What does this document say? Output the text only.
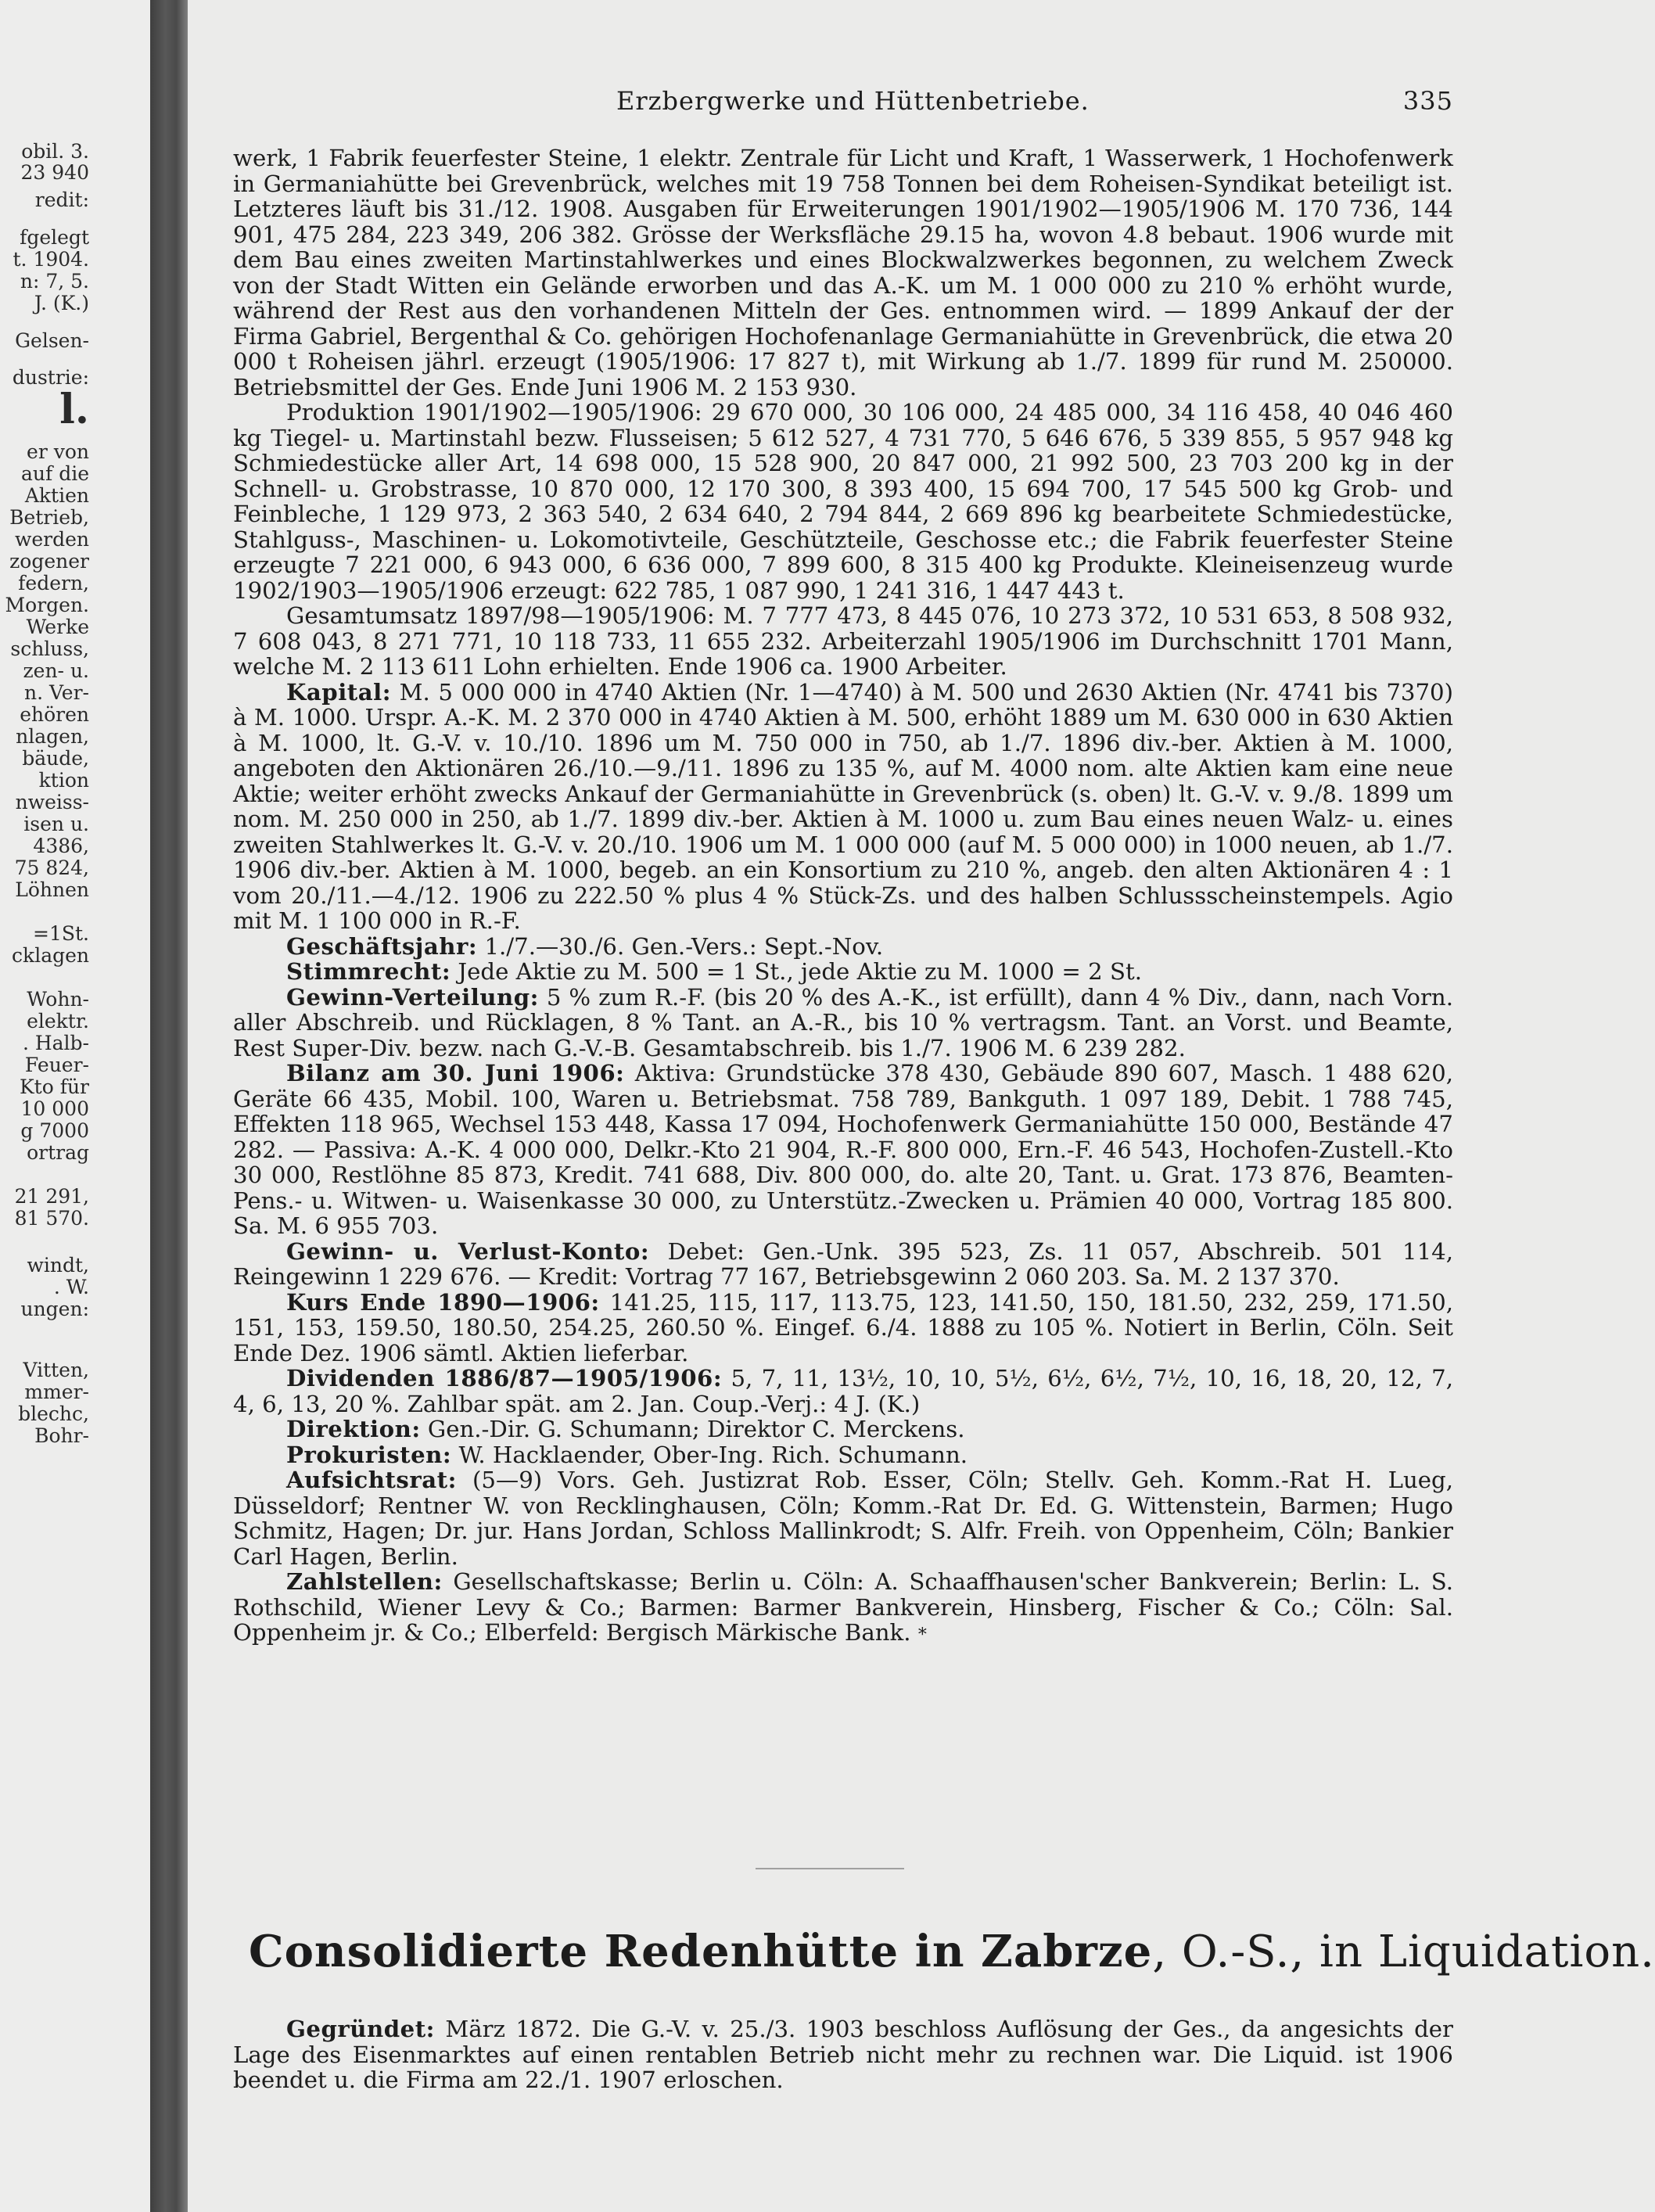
obil. 3.
23 940
redit:
fgelegt
t. 1904.
n: 7, 5.
J. (K.)
Gelsen-
dustrie:
l.
er von
auf die
Aktien
Betrieb,
werden
zogener
federn,
Morgen.
Werke
schluss,
zen- u.
n. Ver-
ehören
nlagen,
bäude,
ktion
nweiss-
isen u.
4386,
75 824,
Löhnen
=1St.
cklagen
Wohn-
elektr.
. Halb-
Feuer-
Kto für
10 000
g 7000
ortrag
21 291,
81 570.
windt,
. W.
ungen:
Vitten,
mmer-
blechc,
Bohr-
Erzbergwerke und Hüttenbetriebe.	335

werk, 1 Fabrik feuerfester Steine, 1 elektr. Zentrale für Licht und Kraft, 1 Wasserwerk, 1 Hochofenwerk in Germaniahütte bei Grevenbrück, welches mit 19 758 Tonnen bei dem Roheisen-Syndikat beteiligt ist. Letzteres läuft bis 31./12. 1908. Ausgaben für Erweiterungen 1901/1902—1905/1906 M. 170 736, 144 901, 475 284, 223 349, 206 382. Grösse der Werksfläche 29.15 ha, wovon 4.8 bebaut. 1906 wurde mit dem Bau eines zweiten Martinstahlwerkes und eines Blockwalzwerkes begonnen, zu welchem Zweck von der Stadt Witten ein Gelände erworben und das A.-K. um M. 1 000 000 zu 210 % erhöht wurde, während der Rest aus den vorhandenen Mitteln der Ges. entnommen wird. — 1899 Ankauf der der Firma Gabriel, Bergenthal & Co. gehörigen Hochofenanlage Germaniahütte in Grevenbrück, die etwa 20 000 t Roheisen jährl. erzeugt (1905/1906: 17 827 t), mit Wirkung ab 1./7. 1899 für rund M. 250000. Betriebsmittel der Ges. Ende Juni 1906 M. 2 153 930.

Produktion 1901/1902—1905/1906: 29 670 000, 30 106 000, 24 485 000, 34 116 458, 40 046 460 kg Tiegel- u. Martinstahl bezw. Flusseisen; 5 612 527, 4 731 770, 5 646 676, 5 339 855, 5 957 948 kg Schmiedestücke aller Art, 14 698 000, 15 528 900, 20 847 000, 21 992 500, 23 703 200 kg in der Schnell- u. Grobstrasse, 10 870 000, 12 170 300, 8 393 400, 15 694 700, 17 545 500 kg Grob- und Feinbleche, 1 129 973, 2 363 540, 2 634 640, 2 794 844, 2 669 896 kg bearbeitete Schmiedestücke, Stahlguss-, Maschinen- u. Lokomotivteile, Geschützteile, Geschosse etc.; die Fabrik feuerfester Steine erzeugte 7 221 000, 6 943 000, 6 636 000, 7 899 600, 8 315 400 kg Produkte. Kleineisenzeug wurde 1902/1903—1905/1906 erzeugt: 622 785, 1 087 990, 1 241 316, 1 447 443 t.

Gesamtumsatz 1897/98—1905/1906: M. 7 777 473, 8 445 076, 10 273 372, 10 531 653, 8 508 932, 7 608 043, 8 271 771, 10 118 733, 11 655 232. Arbeiterzahl 1905/1906 im Durchschnitt 1701 Mann, welche M. 2 113 611 Lohn erhielten. Ende 1906 ca. 1900 Arbeiter.

Kapital: M. 5 000 000 in 4740 Aktien (Nr. 1—4740) à M. 500 und 2630 Aktien (Nr. 4741 bis 7370) à M. 1000. Urspr. A.-K. M. 2 370 000 in 4740 Aktien à M. 500, erhöht 1889 um M. 630 000 in 630 Aktien à M. 1000, lt. G.-V. v. 10./10. 1896 um M. 750 000 in 750, ab 1./7. 1896 div.-ber. Aktien à M. 1000, angeboten den Aktionären 26./10.—9./11. 1896 zu 135 %, auf M. 4000 nom. alte Aktien kam eine neue Aktie; weiter erhöht zwecks Ankauf der Germaniahütte in Grevenbrück (s. oben) lt. G.-V. v. 9./8. 1899 um nom. M. 250 000 in 250, ab 1./7. 1899 div.-ber. Aktien à M. 1000 u. zum Bau eines neuen Walz- u. eines zweiten Stahlwerkes lt. G.-V. v. 20./10. 1906 um M. 1 000 000 (auf M. 5 000 000) in 1000 neuen, ab 1./7. 1906 div.-ber. Aktien à M. 1000, begeb. an ein Konsortium zu 210 %, angeb. den alten Aktionären 4 : 1 vom 20./11.—4./12. 1906 zu 222.50 % plus 4 % Stück-Zs. und des halben Schlussscheinstempels. Agio mit M. 1 100 000 in R.-F.

Geschäftsjahr: 1./7.—30./6. Gen.-Vers.: Sept.-Nov.

Stimmrecht: Jede Aktie zu M. 500 = 1 St., jede Aktie zu M. 1000 = 2 St.

Gewinn-Verteilung: 5 % zum R.-F. (bis 20 % des A.-K., ist erfüllt), dann 4 % Div., dann, nach Vorn. aller Abschreib. und Rücklagen, 8 % Tant. an A.-R., bis 10 % vertragsm. Tant. an Vorst. und Beamte, Rest Super-Div. bezw. nach G.-V.-B. Gesamtabschreib. bis 1./7. 1906 M. 6 239 282.

Bilanz am 30. Juni 1906: Aktiva: Grundstücke 378 430, Gebäude 890 607, Masch. 1 488 620, Geräte 66 435, Mobil. 100, Waren u. Betriebsmat. 758 789, Bankguth. 1 097 189, Debit. 1 788 745, Effekten 118 965, Wechsel 153 448, Kassa 17 094, Hochofenwerk Germaniahütte 150 000, Bestände 47 282. — Passiva: A.-K. 4 000 000, Delkr.-Kto 21 904, R.-F. 800 000, Ern.-F. 46 543, Hochofen-Zustell.-Kto 30 000, Restlöhne 85 873, Kredit. 741 688, Div. 800 000, do. alte 20, Tant. u. Grat. 173 876, Beamten-Pens.- u. Witwen- u. Waisenkasse 30 000, zu Unterstütz.-Zwecken u. Prämien 40 000, Vortrag 185 800. Sa. M. 6 955 703.

Gewinn- u. Verlust-Konto: Debet: Gen.-Unk. 395 523, Zs. 11 057, Abschreib. 501 114, Reingewinn 1 229 676. — Kredit: Vortrag 77 167, Betriebsgewinn 2 060 203. Sa. M. 2 137 370.

Kurs Ende 1890—1906: 141.25, 115, 117, 113.75, 123, 141.50, 150, 181.50, 232, 259, 171.50, 151, 153, 159.50, 180.50, 254.25, 260.50 %. Eingef. 6./4. 1888 zu 105 %. Notiert in Berlin, Cöln. Seit Ende Dez. 1906 sämtl. Aktien lieferbar.

Dividenden 1886/87—1905/1906: 5, 7, 11, 13½, 10, 10, 5½, 6½, 6½, 7½, 10, 16, 18, 20, 12, 7, 4, 6, 13, 20 %. Zahlbar spät. am 2. Jan. Coup.-Verj.: 4 J. (K.)

Direktion: Gen.-Dir. G. Schumann; Direktor C. Merckens.

Prokuristen: W. Hacklaender, Ober-Ing. Rich. Schumann.

Aufsichtsrat: (5—9) Vors. Geh. Justizrat Rob. Esser, Cöln; Stellv. Geh. Komm.-Rat H. Lueg, Düsseldorf; Rentner W. von Recklinghausen, Cöln; Komm.-Rat Dr. Ed. G. Wittenstein, Barmen; Hugo Schmitz, Hagen; Dr. jur. Hans Jordan, Schloss Mallinkrodt; S. Alfr. Freih. von Oppenheim, Cöln; Bankier Carl Hagen, Berlin.

Zahlstellen: Gesellschaftskasse; Berlin u. Cöln: A. Schaaffhausen'scher Bankverein; Berlin: L. S. Rothschild, Wiener Levy & Co.; Barmen: Barmer Bankverein, Hinsberg, Fischer & Co.; Cöln: Sal. Oppenheim jr. & Co.; Elberfeld: Bergisch Märkische Bank. *

Consolidierte Redenhütte in Zabrze, O.-S., in Liquidation.

Gegründet: März 1872. Die G.-V. v. 25./3. 1903 beschloss Auflösung der Ges., da angesichts der Lage des Eisenmarktes auf einen rentablen Betrieb nicht mehr zu rechnen war. Die Liquid. ist 1906 beendet u. die Firma am 22./1. 1907 erloschen.
